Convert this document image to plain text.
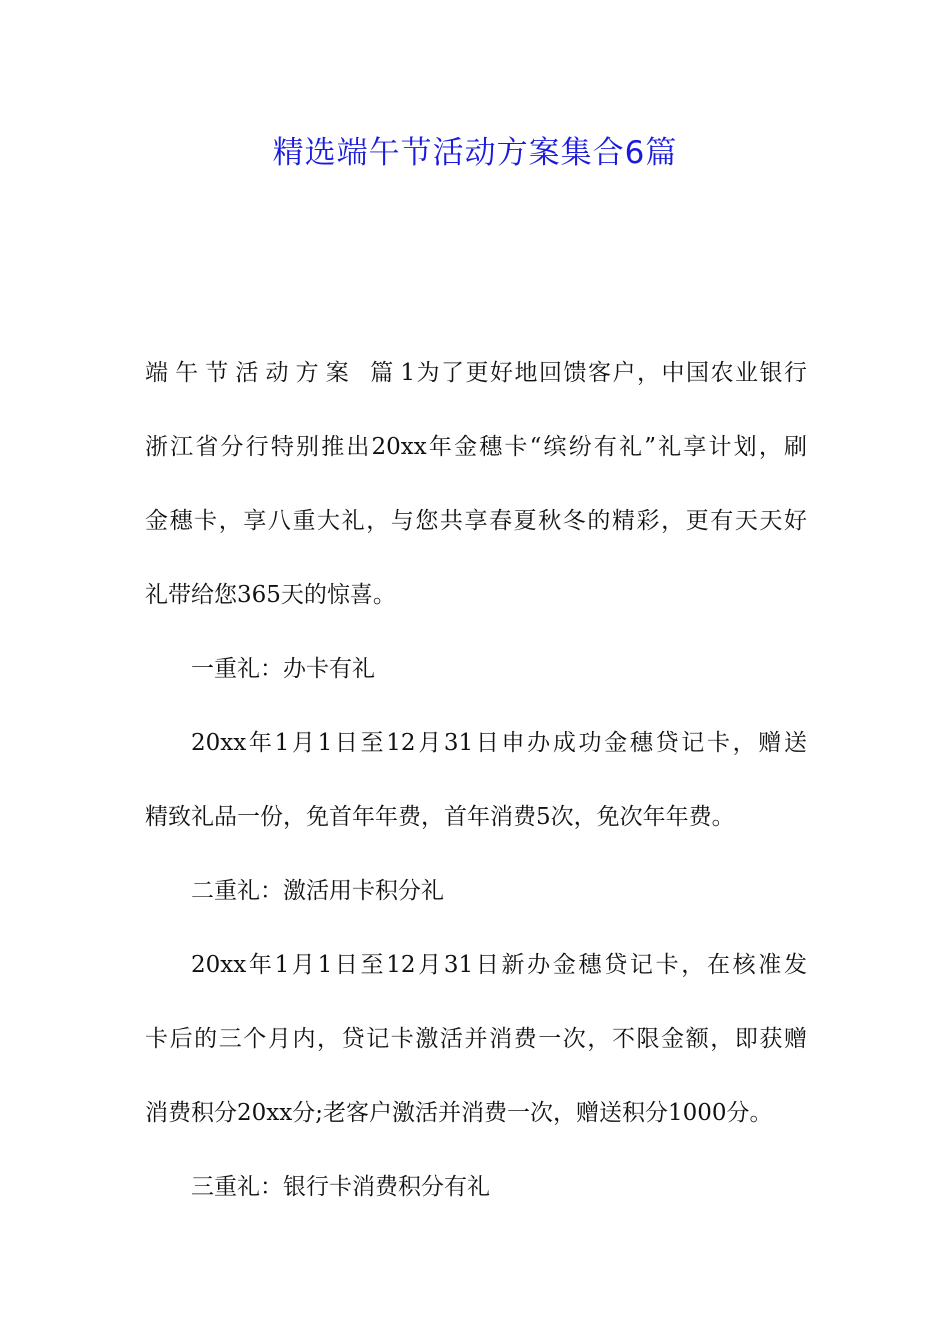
精选端午节活动方案集合6篇
端午节活动方案 篇1为了更好地回馈客户，中国农业银行
浙江省分行特别推出20xx年金穗卡“缤纷有礼”礼享计划，刷
金穗卡，享八重大礼，与您共享春夏秋冬的精彩，更有天天好
礼带给您365天的惊喜。
一重礼：办卡有礼
20xx年1月1日至12月31日申办成功金穗贷记卡，赠送
精致礼品一份，免首年年费，首年消费5次，免次年年费。
二重礼：激活用卡积分礼
20xx年1月1日至12月31日新办金穗贷记卡，在核准发
卡后的三个月内，贷记卡激活并消费一次，不限金额，即获赠
消费积分20xx分;老客户激活并消费一次，赠送积分1000分。
三重礼：银行卡消费积分有礼
